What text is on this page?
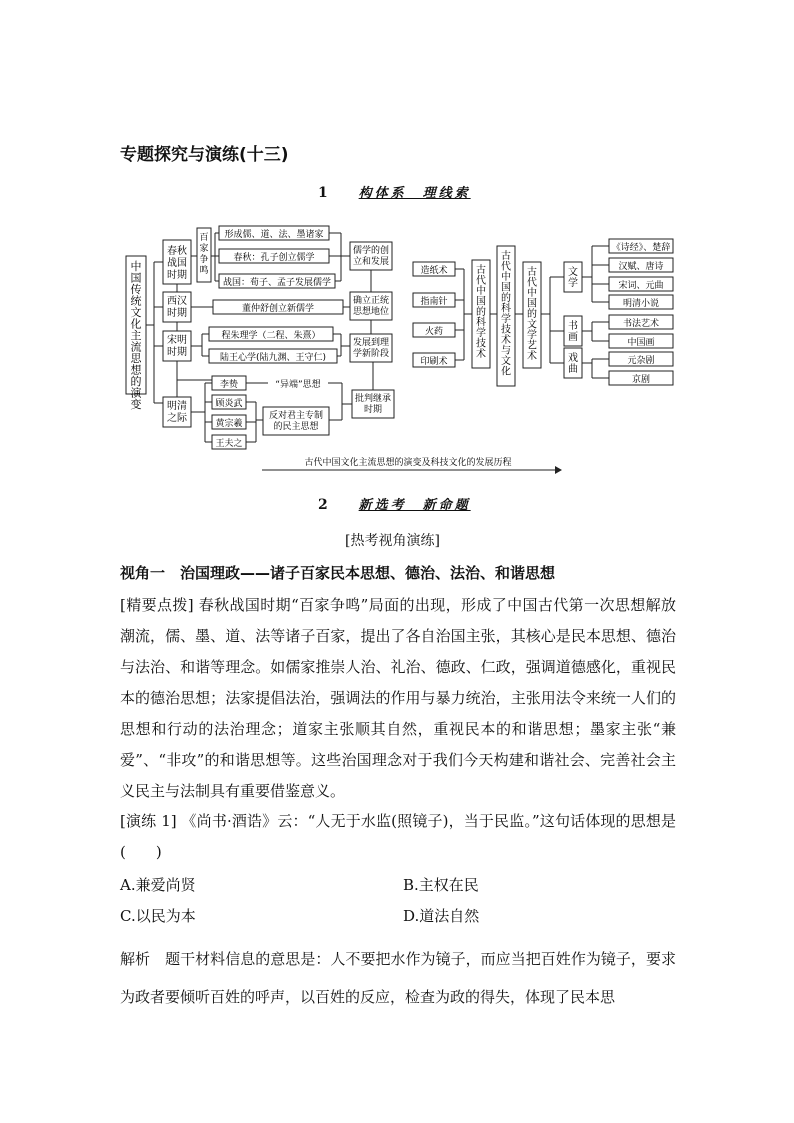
专题探究与演练(十三)
1 构体系　理线索
中国传统文化主流思想的演变
春秋战国时期
西汉时期
宋明时期
明清之际
百家争鸣
形成儒、道、法、墨诸家
春秋：孔子创立儒学
战国：荀子、孟子发展儒学
董仲舒创立新儒学
程朱理学（二程、朱熹）
陆王心学(陆九渊、王守仁)
李贽
顾炎武
黄宗羲
王夫之
“异端”思想
反对君主专制的民主思想
儒学的创立和发展
确立正统思想地位
发展到理学新阶段
批判继承时期
造纸术
指南针
火药
印刷术
古代中国的科学技术
古代中国的科学技术与文化
古代中国的文学艺术
文学
书画
戏曲
《诗经》、楚辞
汉赋、唐诗
宋词、元曲
明清小说
书法艺术
中国画
元杂剧
京剧
古代中国文化主流思想的演变及科技文化的发展历程
2 新选考　新命题
[热考视角演练]
视角一　治国理政——诸子百家民本思想、德治、法治、和谐思想
[精要点拨] 春秋战国时期“百家争鸣”局面的出现，形成了中国古代第一次思想解放潮流，儒、墨、道、法等诸子百家，提出了各自治国主张，其核心是民本思想、德治与法治、和谐等理念。如儒家推崇人治、礼治、德政、仁政，强调道德感化，重视民本的德治思想；法家提倡法治，强调法的作用与暴力统治，主张用法令来统一人们的思想和行动的法治理念；道家主张顺其自然，重视民本的和谐思想；墨家主张“兼爱”、“非攻”的和谐思想等。这些治国理念对于我们今天构建和谐社会、完善社会主义民主与法制具有重要借鉴意义。
[演练 1] 《尚书·酒诰》云：“人无于水监(照镜子)，当于民监。”这句话体现的思想是(　　)
A.兼爱尚贤	B.主权在民
C.以民为本	D.道法自然
解析　题干材料信息的意思是：人不要把水作为镜子，而应当把百姓作为镜子，要求为政者要倾听百姓的呼声，以百姓的反应，检查为政的得失，体现了民本思
